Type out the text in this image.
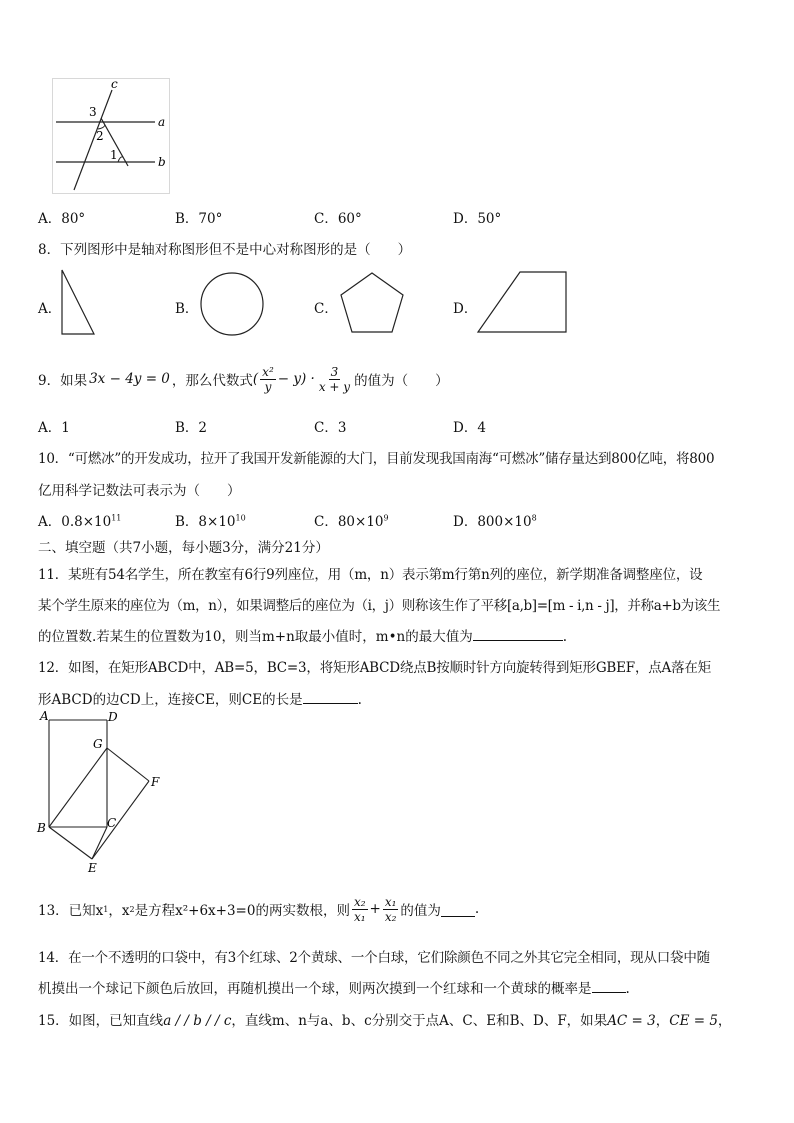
c
a
b
3
2
1
A．80°	B．70°	C．60°	D．50°
8．下列图形中是轴对称图形但不是中心对称图形的是（　　）
A．	B．	C．	D．
9．如果 3x − 4y = 0 ，那么代数式 ( $\frac{\text{x²}}{y} - y) \cdot \frac{3}{x + y}$ 的值为（　　）
A．1	B．2	C．3	D．4
10．“可燃冰”的开发成功，拉开了我国开发新能源的大门，目前发现我国南海“可燃冰”储存量达到800亿吨，将800
亿用科学记数法可表示为（　　）
A．$0.8\times 10^{11}$	B．$8\times 10^{10}$	C．$80\times 10^9$	D．$800\times 10^8$
二、填空题（共7小题，每小题3分，满分21分）
11．某班有54名学生，所在教室有6行9列座位，用（m，n）表示第m行第n列的座位，新学期准备调整座位，设
某个学生原来的座位为（m，n），如果调整后的座位为（i，j）则称该生作了平移[a,b]=[m - i,n - j]，并称a+b为该生
的位置数.若某生的位置数为10，则当m+n取最小值时，m•n的最大值为	.
12．如图，在矩形ABCD中，AB=5，BC=3，将矩形ABCD绕点B按顺时针方向旋转得到矩形GBEF，点A落在矩
形ABCD的边CD上，连接CE，则CE的长是	.
A	D
G
F
B	C
E
13．已知x 1 ，x 2 是方程x²+6x+3=0的两实数根，则 $\frac{\text{x₂}}{\text{x₁}} + \frac{\text{x₁}}{\text{x₂}}$ 的值为	.
14．在一个不透明的口袋中，有3个红球、2个黄球、一个白球，它们除颜色不同之外其它完全相同，现从口袋中随
机摸出一个球记下颜色后放回，再随机摸出一个球，则两次摸到一个红球和一个黄球的概率是	.
15．如图，已知直线a / / b / / c，直线m、n与a、b、c分别交于点A、C、E和B、D、F，如果AC = 3，CE = 5，
